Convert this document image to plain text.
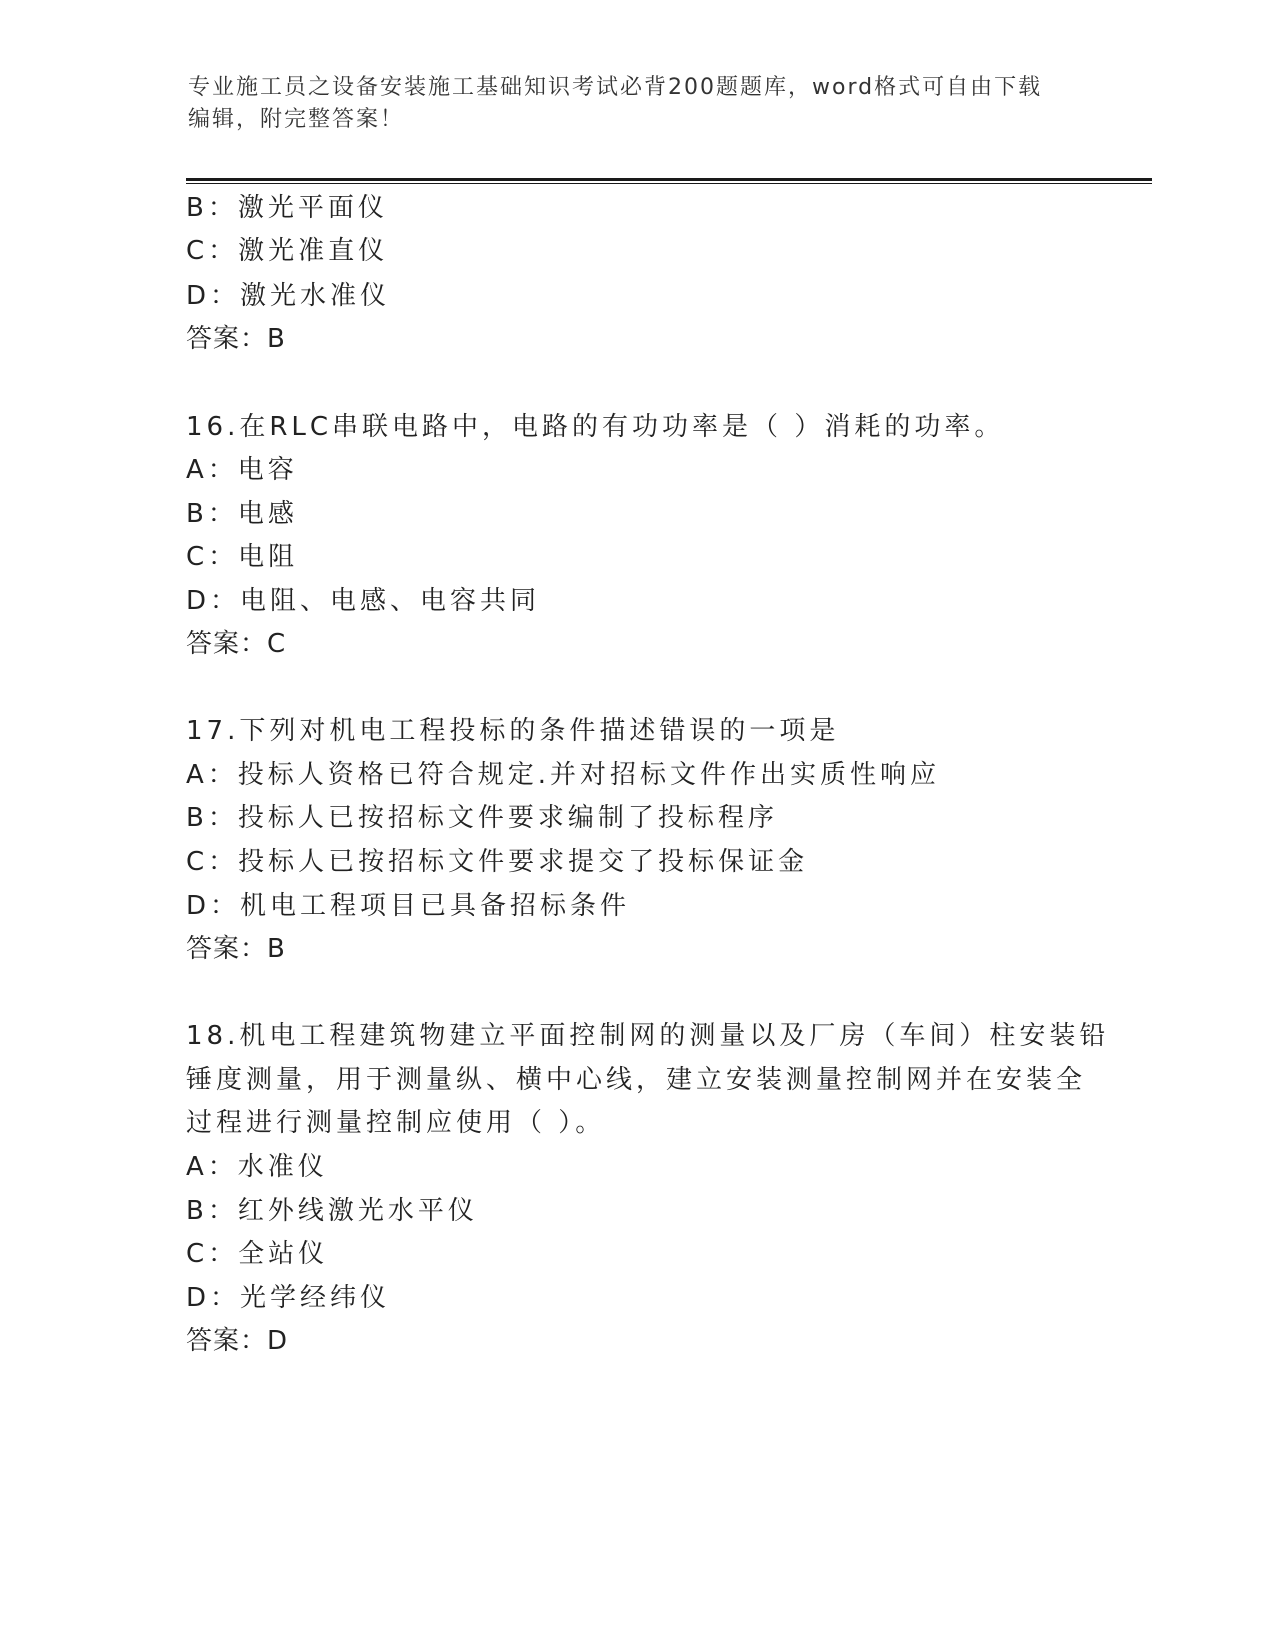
专业施工员之设备安装施工基础知识考试必背200题题库，word格式可自由下载
编辑，附完整答案！
B：激光平面仪
C：激光准直仪
D：激光水准仪
答案：B
16.在RLC串联电路中，电路的有功功率是（ ）消耗的功率。
A：电容
B：电感
C：电阻
D：电阻、电感、电容共同
答案：C
17.下列对机电工程投标的条件描述错误的一项是
A：投标人资格已符合规定.并对招标文件作出实质性响应
B：投标人已按招标文件要求编制了投标程序
C：投标人已按招标文件要求提交了投标保证金
D：机电工程项目已具备招标条件
答案：B
18.机电工程建筑物建立平面控制网的测量以及厂房（车间）柱安装铅
锤度测量，用于测量纵、横中心线，建立安装测量控制网并在安装全
过程进行测量控制应使用（ ）。
A：水准仪
B：红外线激光水平仪
C：全站仪
D：光学经纬仪
答案：D
